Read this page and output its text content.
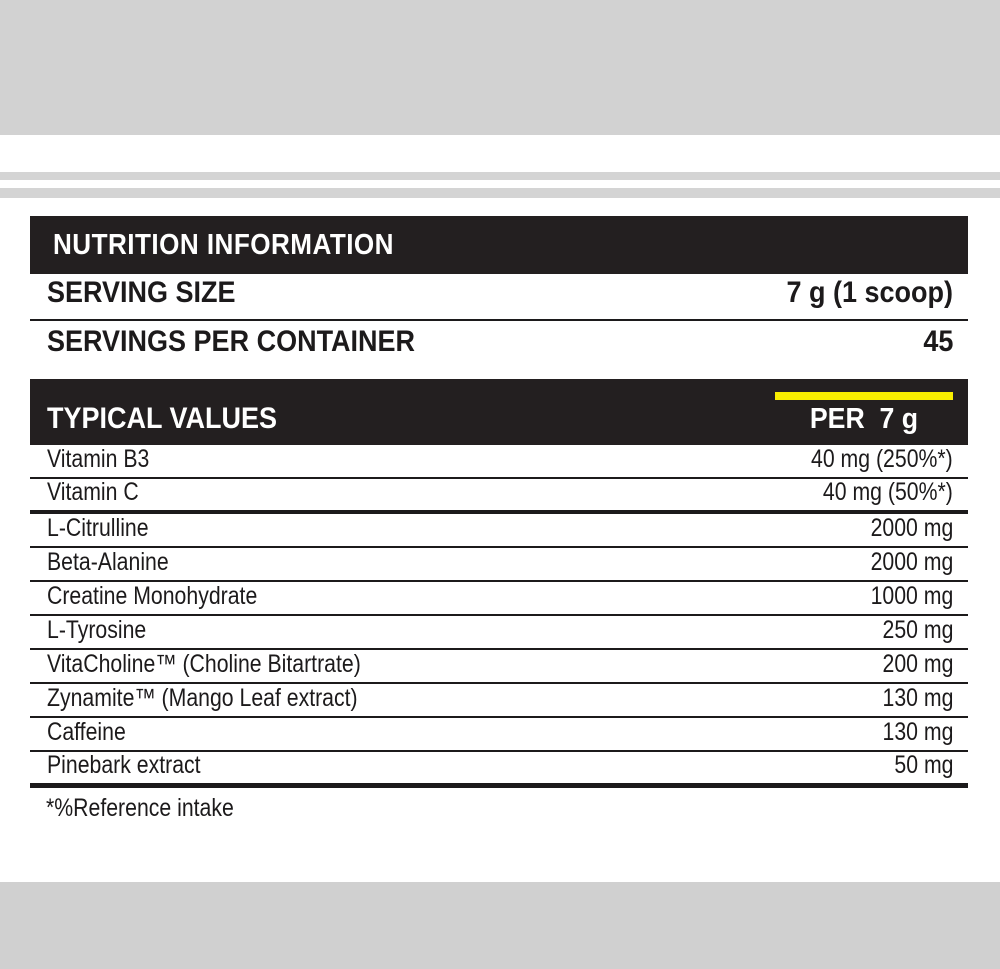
NUTRITION INFORMATION
SERVING SIZE	7 g (1 scoop)
SERVINGS PER CONTAINER	45
TYPICAL VALUES	PER  7 g
Vitamin B3	40 mg (250%*)
Vitamin C	40 mg (50%*)
L-Citrulline	2000 mg
Beta-Alanine	2000 mg
Creatine Monohydrate	1000 mg
L-Tyrosine	250 mg
VitaCholine™ (Choline Bitartrate)	200 mg
Zynamite™ (Mango Leaf extract)	130 mg
Caffeine	130 mg
Pinebark extract	50 mg
*%Reference intake
